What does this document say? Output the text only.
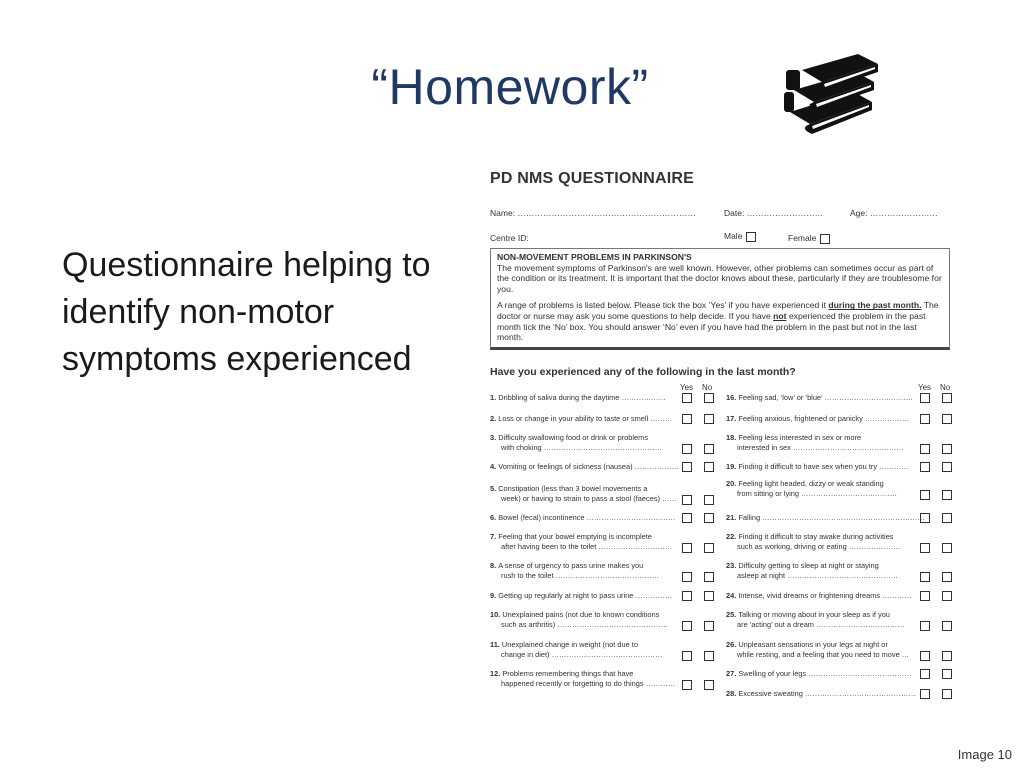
“Homework”
Questionnaire helping to identify non-motor symptoms experienced
PD NMS QUESTIONNAIRE
Name: ………………………………………………………	Date: ………………………	Age: ……………………
Centre ID:	Male	Female
NON-MOVEMENT PROBLEMS IN PARKINSON'S

The movement symptoms of Parkinson's are well known. However, other problems can sometimes occur as part of the condition or its treatment. It is important that the doctor knows about these, particularly if they are troublesome for you.

A range of problems is listed below. Please tick the box ‘Yes’ if you have experienced it during the past month. The doctor or nurse may ask you some questions to help decide. If you have not experienced the problem in the past month tick the ‘No’ box. You should answer ‘No’ even if you have had the problem in the past but not in the last month.

Have you experienced any of the following in the last month?
Yes No	Yes No
1. Dribbling of saliva during the daytime ………………
2. Loss or change in your ability to taste or smell ………
3. Difficulty swallowing food or drink or problems
with choking …………………………………………
4. Vomiting or feelings of sickness (nausea) ………………
5. Constipation (less than 3 bowel movements a
week) or having to strain to pass a stool (faeces) ……
6. Bowel (fecal) incontinence ………………………………
7. Feeling that your bowel emptying is incomplete
after having been to the toilet …………………………
8. A sense of urgency to pass urine makes you
rush to the toilet ……………………………………
9. Getting up regularly at night to pass urine ……………
10. Unexplained pains (not due to known conditions
such as arthritis) ………………………………………
11. Unexplained change in weight (not due to
change in diet) ………………………………………
12. Problems remembering things that have
happened recently or forgetting to do things …………
16. Feeling sad, ‘low’ or ‘blue’ ………………………………
17. Feeling anxious, frightened or panicky ………………
18. Feeling less interested in sex or more
interested in sex ………………………………………
19. Finding it difficult to have sex when you try …………
20. Feeling light headed, dizzy or weak standing
from sitting or lying …………………………………
21. Falling …………………………………………………………
22. Finding it difficult to stay awake during activities
such as working, driving or eating …………………
23. Difficulty getting to sleep at night or staying
asleep at night ………………………………………
24. Intense, vivid dreams or frightening dreams …………
25. Talking or moving about in your sleep as if you
are ‘acting’ out a dream ………………………………
26. Unpleasant sensations in your legs at night or
while resting, and a feeling that you need to move …
27. Swelling of your legs ……………………………………
28. Excessive sweating ………………………………………
Image 10
